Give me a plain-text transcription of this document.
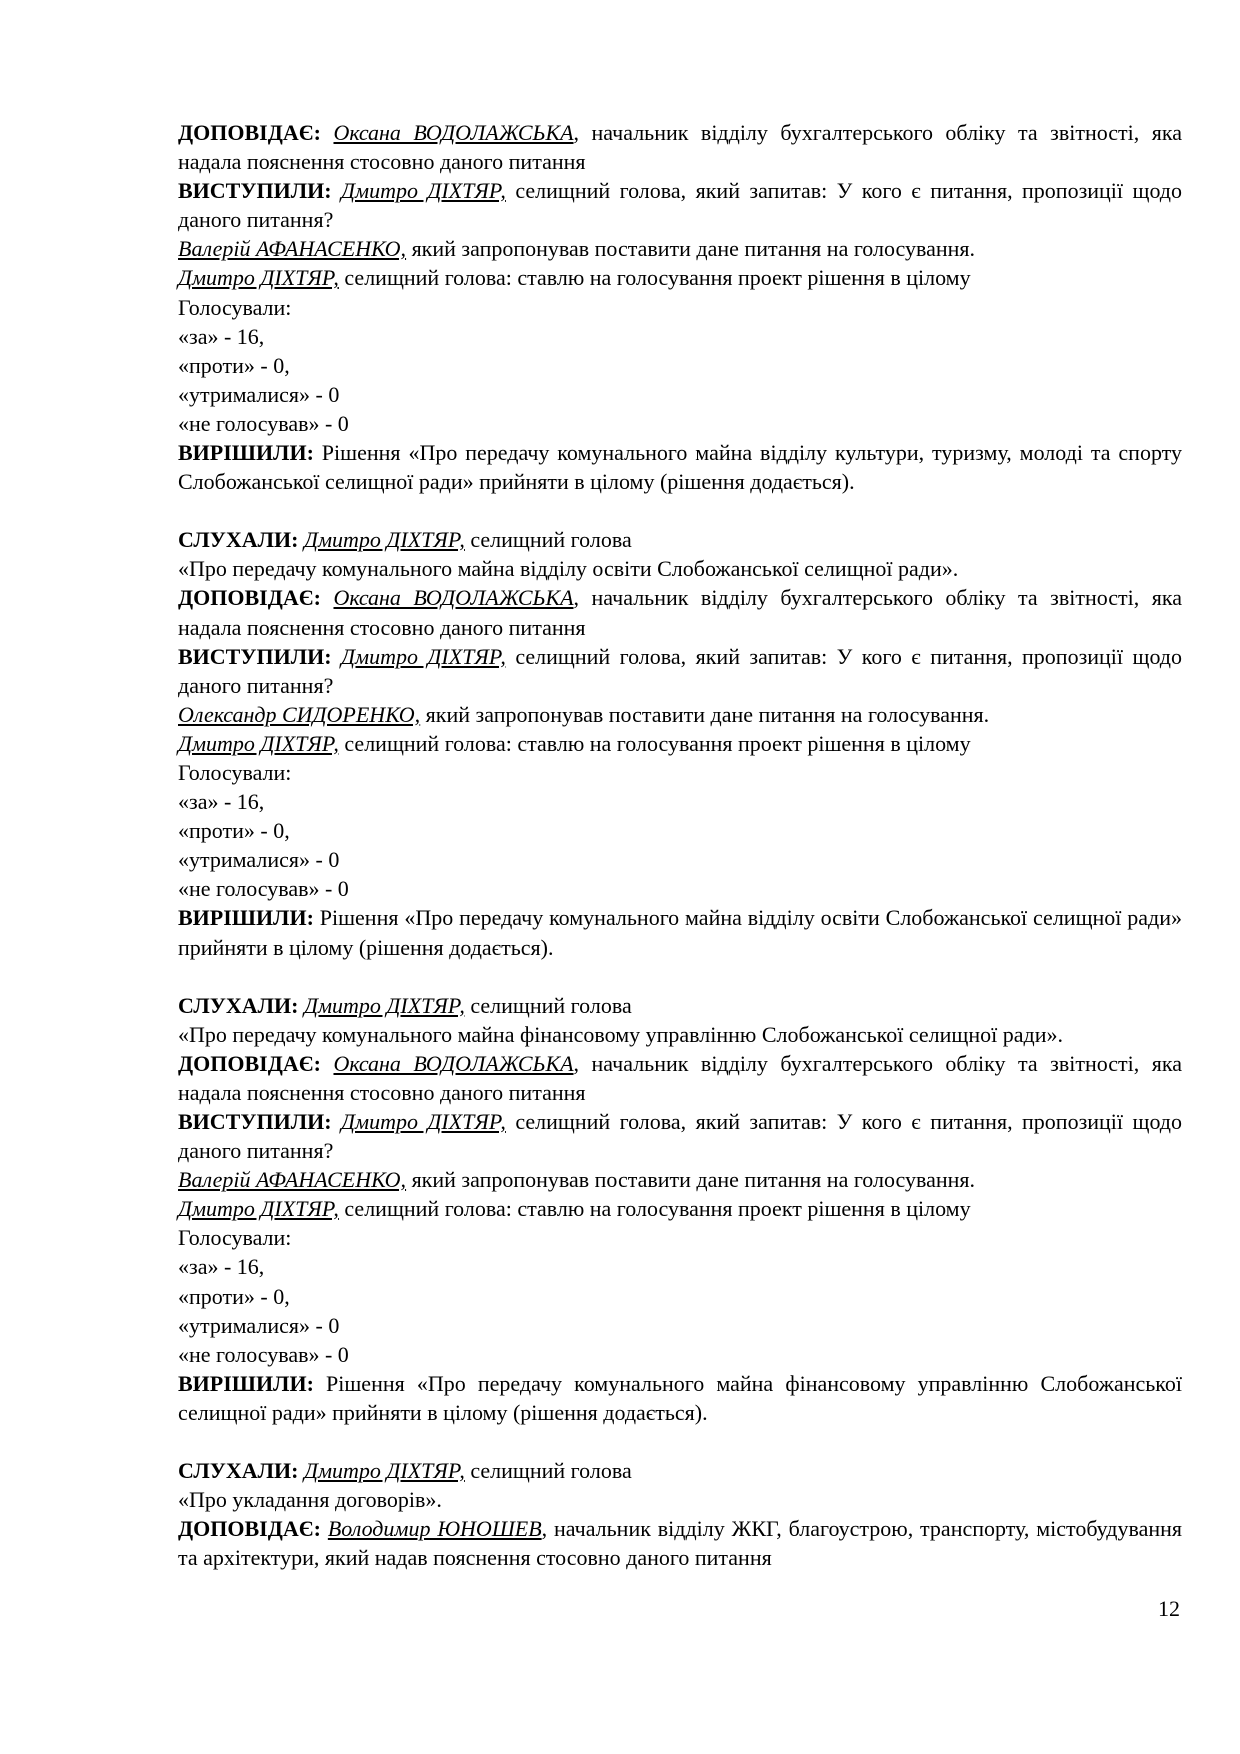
ДОПОВІДАЄ: Оксана ВОДОЛАЖСЬКА, начальник відділу бухгалтерського обліку та звітності, яка надала пояснення стосовно даного питання

ВИСТУПИЛИ: Дмитро ДІХТЯР, селищний голова, який запитав: У кого є питання, пропозиції щодо даного питання?

Валерій АФАНАСЕНКО, який запропонував поставити дане питання на голосування.

Дмитро ДІХТЯР, селищний голова: ставлю на голосування проект рішення в цілому

Голосували:

«за» - 16,

«проти» - 0,

«утрималися» - 0

«не голосував» - 0

ВИРІШИЛИ: Рішення «Про передачу комунального майна відділу культури, туризму, молоді та спорту Слобожанської селищної ради» прийняти в цілому (рішення додається).

СЛУХАЛИ: Дмитро ДІХТЯР, селищний голова

«Про передачу комунального майна відділу освіти Слобожанської селищної ради».

ДОПОВІДАЄ: Оксана ВОДОЛАЖСЬКА, начальник відділу бухгалтерського обліку та звітності, яка надала пояснення стосовно даного питання

ВИСТУПИЛИ: Дмитро ДІХТЯР, селищний голова, який запитав: У кого є питання, пропозиції щодо даного питання?

Олександр СИДОРЕНКО, який запропонував поставити дане питання на голосування.

Дмитро ДІХТЯР, селищний голова: ставлю на голосування проект рішення в цілому

Голосували:

«за» - 16,

«проти» - 0,

«утрималися» - 0

«не голосував» - 0

ВИРІШИЛИ: Рішення «Про передачу комунального майна відділу освіти Слобожанської селищної ради» прийняти в цілому (рішення додається).

СЛУХАЛИ: Дмитро ДІХТЯР, селищний голова

«Про передачу комунального майна фінансовому управлінню Слобожанської селищної ради».

ДОПОВІДАЄ: Оксана ВОДОЛАЖСЬКА, начальник відділу бухгалтерського обліку та звітності, яка надала пояснення стосовно даного питання

ВИСТУПИЛИ: Дмитро ДІХТЯР, селищний голова, який запитав: У кого є питання, пропозиції щодо даного питання?

Валерій АФАНАСЕНКО, який запропонував поставити дане питання на голосування.

Дмитро ДІХТЯР, селищний голова: ставлю на голосування проект рішення в цілому

Голосували:

«за» - 16,

«проти» - 0,

«утрималися» - 0

«не голосував» - 0

ВИРІШИЛИ: Рішення «Про передачу комунального майна фінансовому управлінню Слобожанської селищної ради» прийняти в цілому (рішення додається).

СЛУХАЛИ: Дмитро ДІХТЯР, селищний голова

«Про укладання договорів».

ДОПОВІДАЄ: Володимир ЮНОШЕВ, начальник відділу ЖКГ, благоустрою, транспорту, містобудування та архітектури, який надав пояснення стосовно даного питання

12
